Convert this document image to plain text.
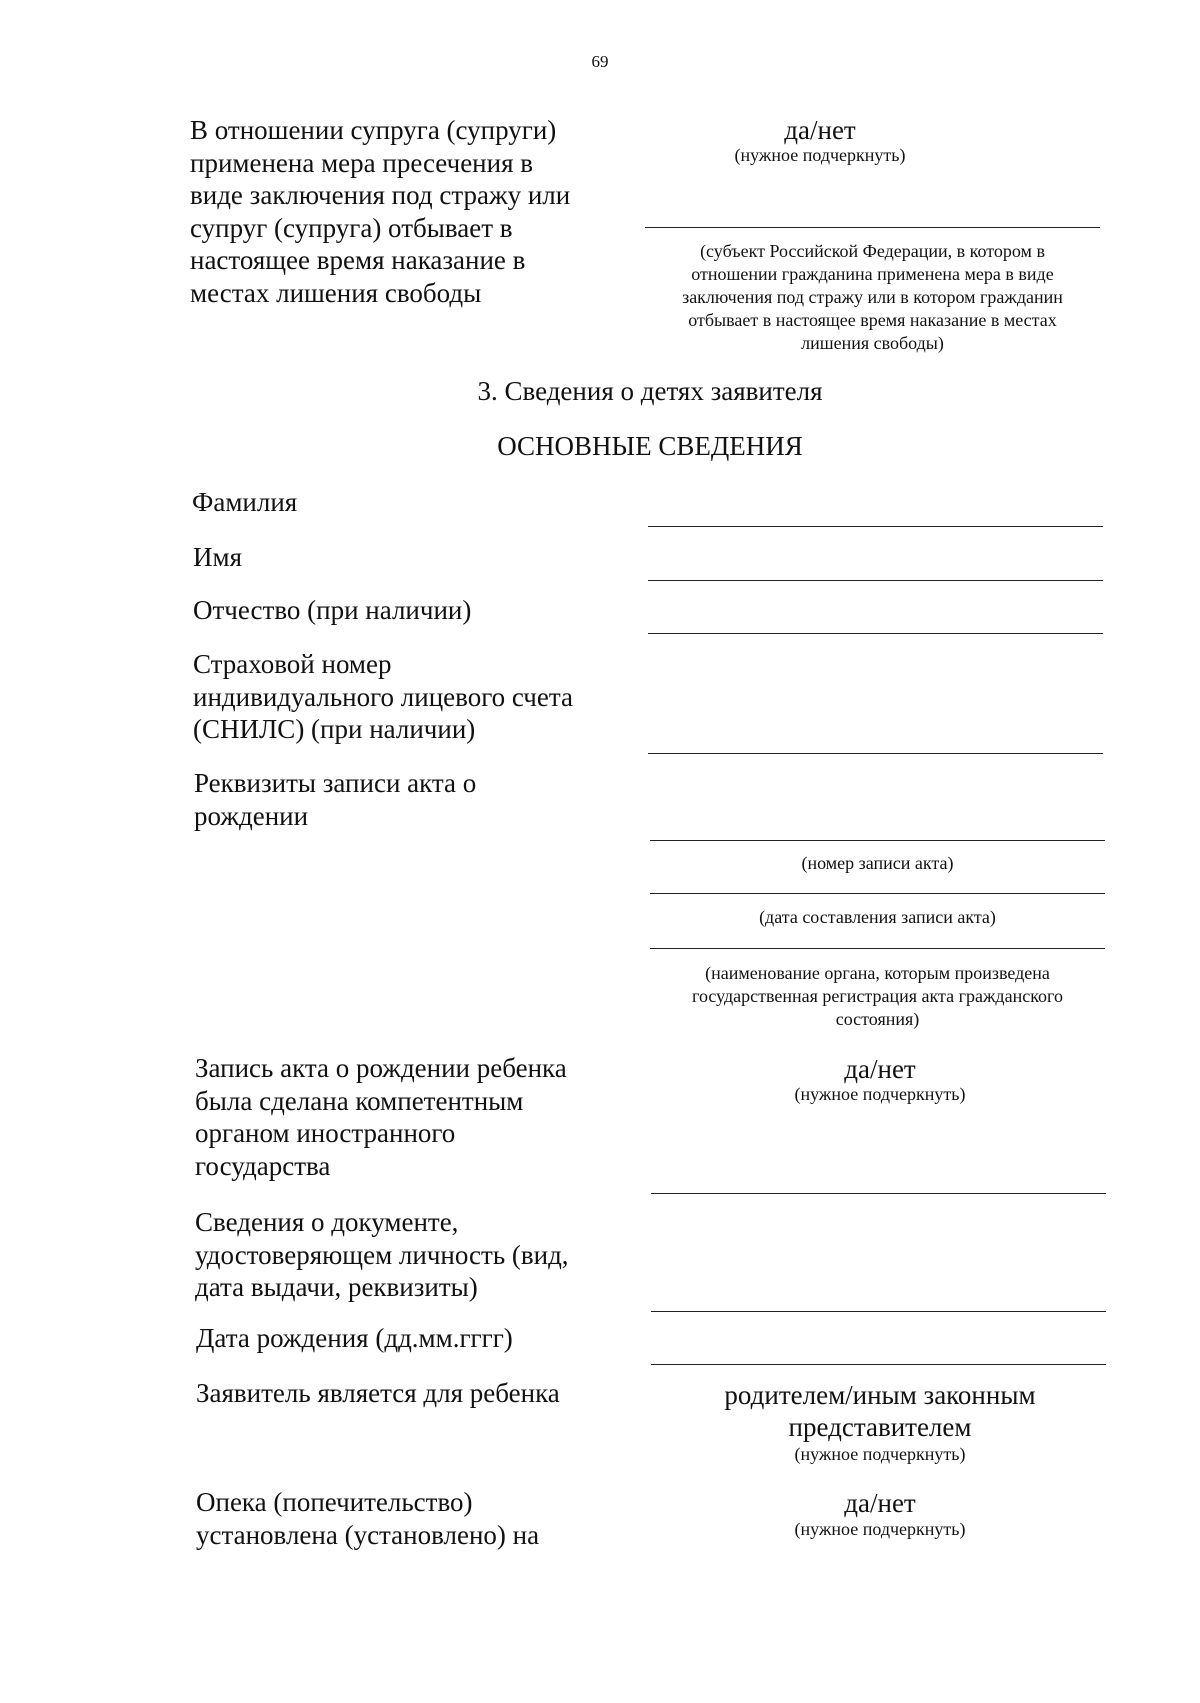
69
В отношении супруга (супруги)
применена мера пресечения в
виде заключения под стражу или
супруг (супруга) отбывает в
настоящее время наказание в
местах лишения свободы
да/нет
(нужное подчеркнуть)
(субъект Российской Федерации, в котором в
отношении гражданина применена мера в виде
заключения под стражу или в котором гражданин
отбывает в настоящее время наказание в местах
лишения свободы)
3. Сведения о детях заявителя
ОСНОВНЫЕ СВЕДЕНИЯ
Фамилия
Имя
Отчество (при наличии)
Страховой номер
индивидуального лицевого счета
(СНИЛС) (при наличии)
Реквизиты записи акта о
рождении
(номер записи акта)
(дата составления записи акта)
(наименование органа, которым произведена
государственная регистрация акта гражданского
состояния)
Запись акта о рождении ребенка
была сделана компетентным
органом иностранного
государства
да/нет
(нужное подчеркнуть)
Сведения о документе,
удостоверяющем личность (вид,
дата выдачи, реквизиты)
Дата рождения (дд.мм.гггг)
Заявитель является для ребенка	родителем/иным законным
представителем
(нужное подчеркнуть)
Опека (попечительство)
установлена (установлено) на
да/нет
(нужное подчеркнуть)
